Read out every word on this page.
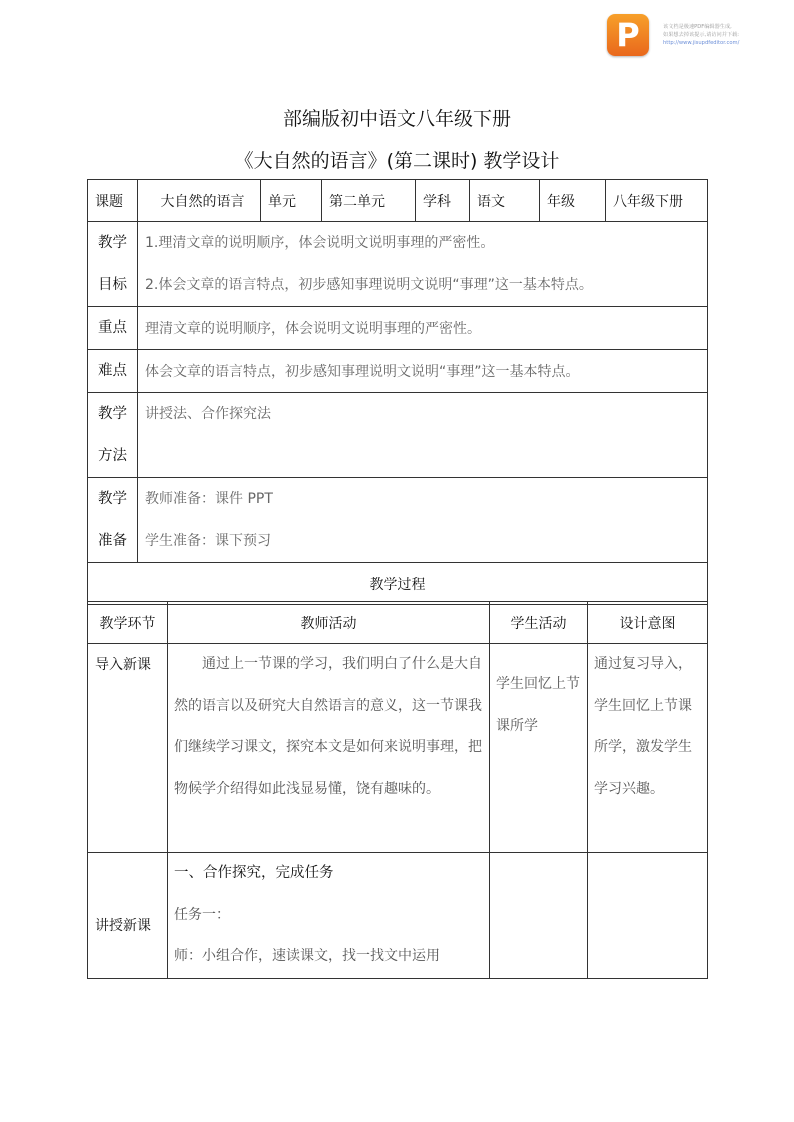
P	该文档是极速PDF编辑器生成,
如果想去掉该提示,请访问并下载:
http://www.jisupdfeditor.com/
部编版初中语文八年级下册
《大自然的语言》(第二课时) 教学设计
课题	大自然的语言	单元	第二单元	学科	语文	年级	八年级下册

教学
目标	1.理清文章的说明顺序，体会说明文说明事理的严密性。
2.体会文章的语言特点，初步感知事理说明文说明“事理”这一基本特点。						

重点	理清文章的说明顺序，体会说明文说明事理的严密性。						
难点	体会文章的语言特点，初步感知事理说明文说明“事理”这一基本特点。						

教学
方法	讲授法、合作探究法						

教学
准备	教师准备：课件 PPT
学生准备：课下预习						

教学过程							
教学环节	教师活动	学生活动	设计意图

导入新课	通过上一节课的学习，我们明白了什么是大自然的语言以及研究大自然语言的意义，这一节课我们继续学习课文，探究本文是如何来说明事理，把物候学介绍得如此浅显易懂，饶有趣味的。	学生回忆上节课所学	通过复习导入，学生回忆上节课所学，激发学生学习兴趣。

讲授新课	一、合作探究，完成任务
任务一：
师：小组合作，速读课文，找一找文中运用		
